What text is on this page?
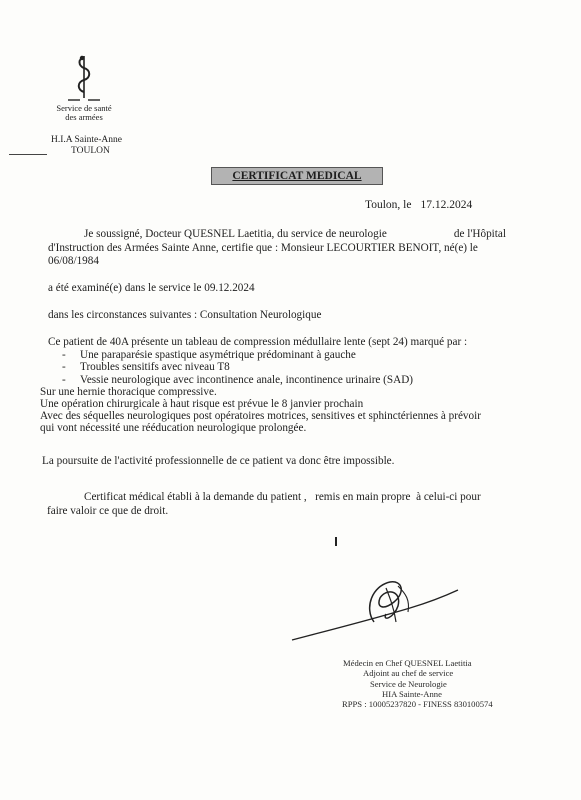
Service de santé
des armées
H.I.A Sainte-Anne
TOULON
CERTIFICAT MEDICAL
Toulon, le 17.12.2024
Je soussigné, Docteur QUESNEL Laetitia, du service de neurologie                        de l'Hôpital
d'Instruction des Armées Sainte Anne, certifie que : Monsieur LECOURTIER BENOIT, né(e) le
06/08/1984
a été examiné(e) dans le service le 09.12.2024
dans les circonstances suivantes : Consultation Neurologique
Ce patient de 40A présente un tableau de compression médullaire lente (sept 24) marqué par :
- Une paraparésie spastique asymétrique prédominant à gauche
- Troubles sensitifs avec niveau T8
- Vessie neurologique avec incontinence anale, incontinence urinaire (SAD)
Sur une hernie thoracique compressive.
Une opération chirurgicale à haut risque est prévue le 8 janvier prochain
Avec des séquelles neurologiques post opératoires motrices, sensitives et sphinctériennes à prévoir
qui vont nécessité une rééducation neurologique prolongée.
La poursuite de l'activité professionnelle de ce patient va donc être impossible.
Certificat médical établi à la demande du patient ,   remis en main propre  à celui-ci pour
faire valoir ce que de droit.
Médecin en Chef QUESNEL Laetitia
Adjoint au chef de service
Service de Neurologie
HIA Sainte-Anne
RPPS : 10005237820 - FINESS 830100574
